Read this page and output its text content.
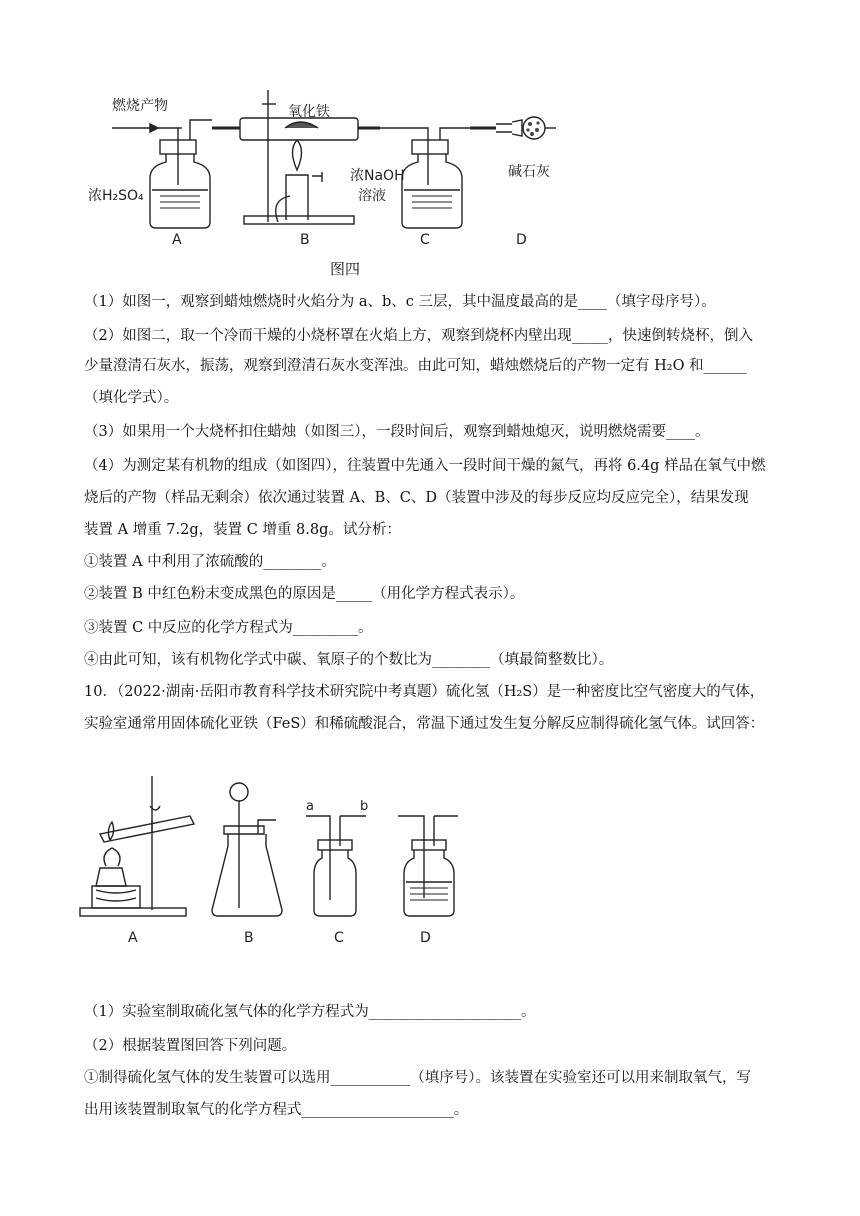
燃烧产物
浓H₂SO₄
氧化铁
浓NaOH
溶液
碱石灰
A	B	C	D
图四
（1）如图一，观察到蜡烛燃烧时火焰分为 a、b、c 三层，其中温度最高的是____（填字母序号）。
（2）如图二，取一个冷而干燥的小烧杯罩在火焰上方，观察到烧杯内壁出现_____，快速倒转烧杯，倒入
少量澄清石灰水，振荡，观察到澄清石灰水变浑浊。由此可知，蜡烛燃烧后的产物一定有 H₂O 和______
（填化学式）。
（3）如果用一个大烧杯扣住蜡烛（如图三），一段时间后，观察到蜡烛熄灭，说明燃烧需要____。
（4）为测定某有机物的组成（如图四），往装置中先通入一段时间干燥的氮气，再将 6.4g 样品在氧气中燃
烧后的产物（样品无剩余）依次通过装置 A、B、C、D（装置中涉及的每步反应均反应完全），结果发现
装置 A 增重 7.2g，装置 C 增重 8.8g。试分析：
①装置 A 中利用了浓硫酸的________。
②装置 B 中红色粉末变成黑色的原因是_____（用化学方程式表示）。
③装置 C 中反应的化学方程式为_________。
④由此可知，该有机物化学式中碳、氧原子的个数比为________（填最简整数比）。
10．（2022·湖南·岳阳市教育科学技术研究院中考真题）硫化氢（H₂S）是一种密度比空气密度大的气体，
实验室通常用固体硫化亚铁（FeS）和稀硫酸混合，常温下通过发生复分解反应制得硫化氢气体。试回答：
a	b
A	B	C	D
（1）实验室制取硫化氢气体的化学方程式为_____________________。
（2）根据装置图回答下列问题。
①制得硫化氢气体的发生装置可以选用___________（填序号）。该装置在实验室还可以用来制取氧气，写
出用该装置制取氧气的化学方程式_____________________。
